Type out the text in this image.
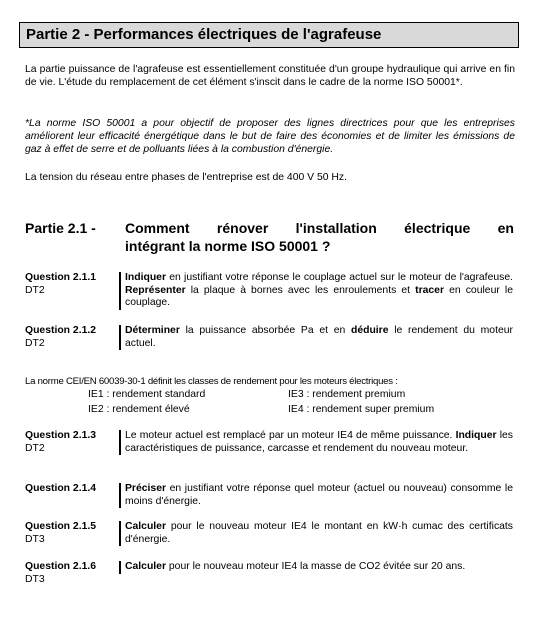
Partie 2 - Performances électriques de l'agrafeuse
La partie puissance de l'agrafeuse est essentiellement constituée d'un groupe hydraulique qui arrive en fin de vie. L'étude du remplacement de cet élément s'inscit dans le cadre de la norme ISO 50001*.
*La norme ISO 50001 a pour objectif de proposer des lignes directrices pour que les entreprises améliorent leur efficacité énergétique dans le but de faire des économies et de limiter les émissions de gaz à effet de serre et de polluants liées à la combustion d'énergie.
La tension du réseau entre phases de l'entreprise est de 400 V 50 Hz.
Partie 2.1 - Comment rénover l'installation électrique en
intégrant la norme ISO 50001 ?
Question 2.1.1
DT2
Indiquer en justifiant votre réponse le couplage actuel sur le moteur de l'agrafeuse. Représenter la plaque à bornes avec les enroulements et tracer en couleur le couplage.
Question 2.1.2
DT2
Déterminer la puissance absorbée Pa et en déduire le rendement du moteur actuel.
La norme CEI/EN 60039-30-1 définit les classes de rendement pour les moteurs électriques :
IE1 : rendement standard
IE2 : rendement élevé
IE3 : rendement premium
IE4 : rendement super premium
Question 2.1.3
DT2
Le moteur actuel est remplacé par un moteur IE4 de même puissance. Indiquer les caractéristiques de puissance, carcasse et rendement du nouveau moteur.
Question 2.1.4	Préciser en justifiant votre réponse quel moteur (actuel ou nouveau) consomme le moins d'énergie.
Question 2.1.5
DT3
Calculer pour le nouveau moteur IE4 le montant en kW·h cumac des certificats d'énergie.
Question 2.1.6
DT3
Calculer pour le nouveau moteur IE4 la masse de CO2 évitée sur 20 ans.
